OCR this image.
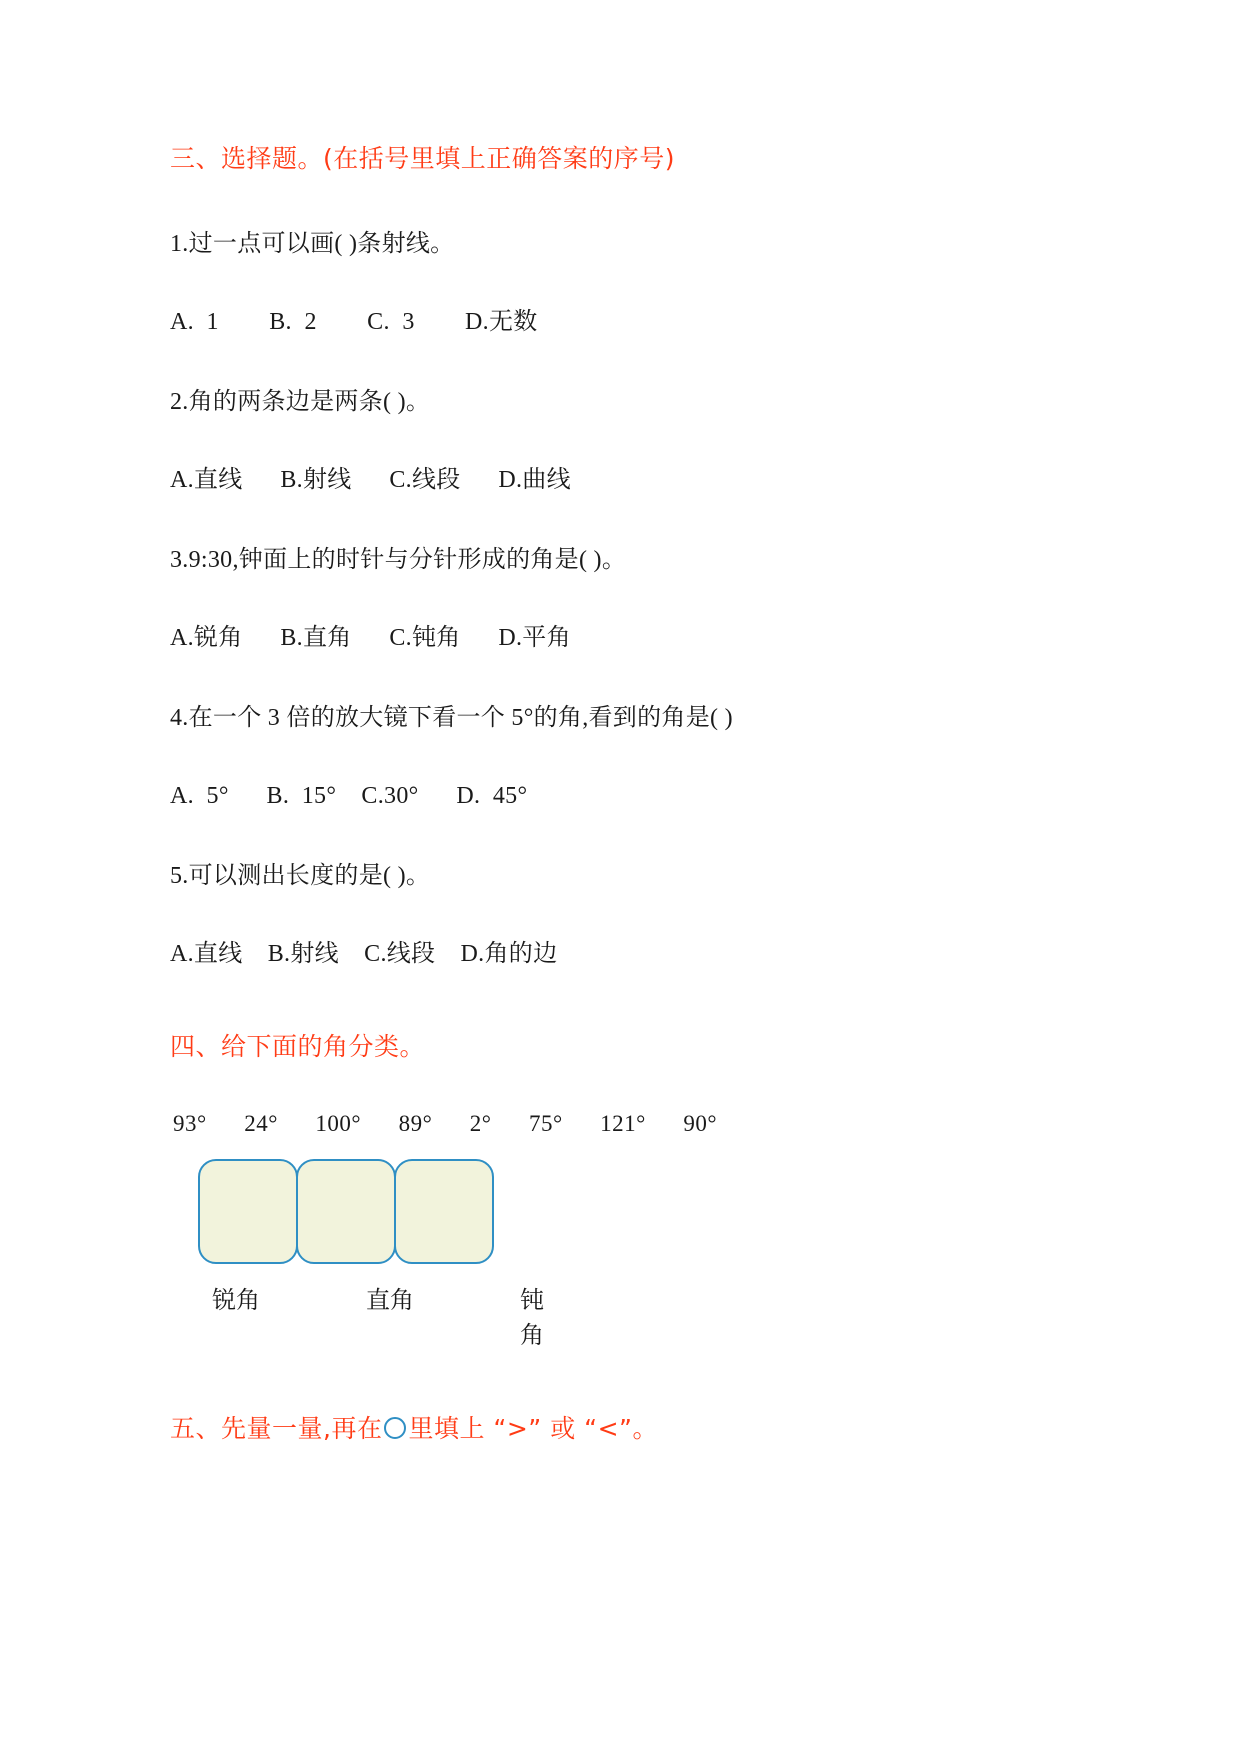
三、选择题。(在括号里填上正确答案的序号)
1.过一点可以画( )条射线。
A.  1        B.  2        C.  3        D.无数
2.角的两条边是两条( )。
A.直线      B.射线      C.线段      D.曲线
3.9:30,钟面上的时针与分针形成的角是( )。
A.锐角      B.直角      C.钝角      D.平角
4.在一个 3 倍的放大镜下看一个 5°的角,看到的角是( )
A.  5°      B.  15°    C.30°      D.  45°
5.可以测出长度的是( )。
A.直线    B.射线    C.线段    D.角的边
四、给下面的角分类。
93°      24°      100°      89°      2°      75°      121°      90°
锐角	直角	钝角
五、先量一量,再在 里填上 “>” 或 “<”。
